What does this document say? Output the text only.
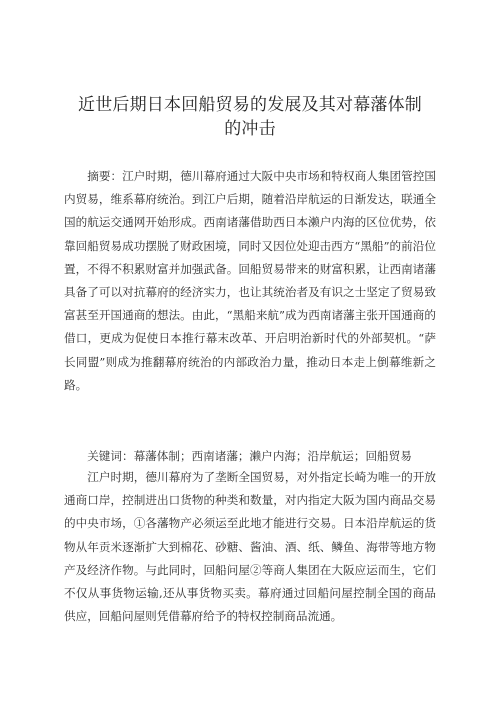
近世后期日本回船贸易的发展及其对幕藩体制
的冲击

摘要：江户时期，德川幕府通过大阪中央市场和特权商人集团管控国内贸易，维系幕府统治。到江户后期，随着沿岸航运的日渐发达，联通全国的航运交通网开始形成。西南诸藩借助西日本濑户内海的区位优势，依靠回船贸易成功摆脱了财政困境，同时又因位处迎击西方“黑船”的前沿位置，不得不积累财富并加强武备。回船贸易带来的财富积累，让西南诸藩具备了可以对抗幕府的经济实力，也让其统治者及有识之士坚定了贸易致富甚至开国通商的想法。由此，“黑船来航”成为西南诸藩主张开国通商的借口，更成为促使日本推行幕末改革、开启明治新时代的外部契机。“萨长同盟”则成为推翻幕府统治的内部政治力量，推动日本走上倒幕维新之路。

关键词：幕藩体制；西南诸藩；濑户内海；沿岸航运；回船贸易

江户时期，德川幕府为了垄断全国贸易，对外指定长崎为唯一的开放通商口岸，控制进出口货物的种类和数量，对内指定大阪为国内商品交易的中央市场，①各藩物产必须运至此地才能进行交易。日本沿岸航运的货物从年贡米逐渐扩大到棉花、砂糖、酱油、酒、纸、鳞鱼、海带等地方物产及经济作物。与此同时，回船问屋②等商人集团在大阪应运而生，它们不仅从事货物运输,还从事货物买卖。幕府通过回船问屋控制全国的商品供应，回船问屋则凭借幕府给予的特权控制商品流通。
